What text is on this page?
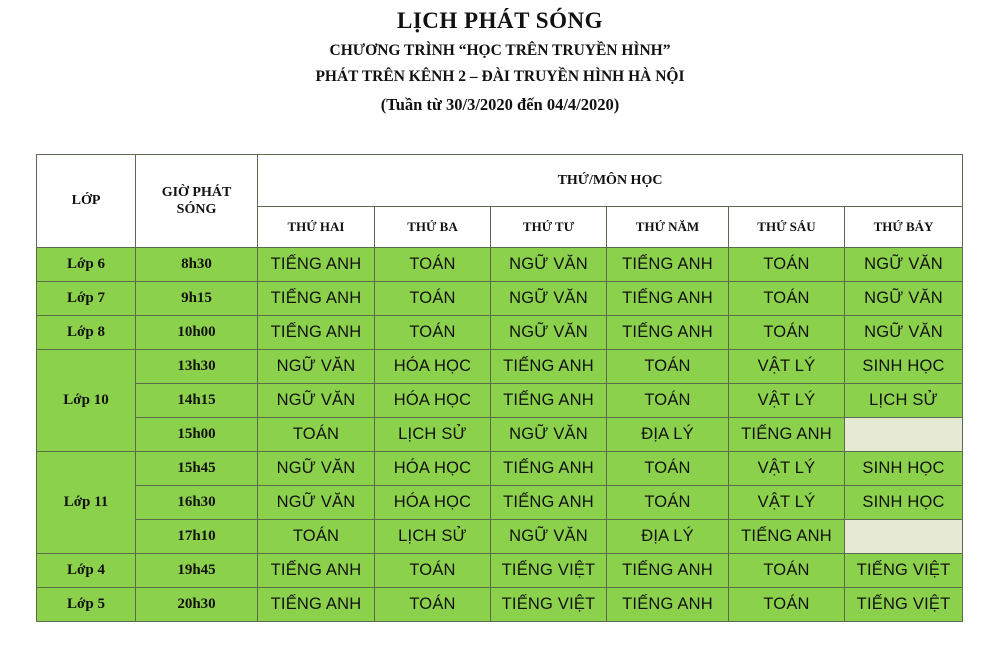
LỊCH PHÁT SÓNG
CHƯƠNG TRÌNH “HỌC TRÊN TRUYỀN HÌNH”
PHÁT TRÊN KÊNH 2 – ĐÀI TRUYỀN HÌNH HÀ NỘI
(Tuần từ 30/3/2020 đến 04/4/2020)
LỚP	GIỜ PHÁT SÓNG	THỨ/MÔN HỌC					
		THỨ HAI	THỨ BA	THỨ TƯ	THỨ NĂM	THỨ SÁU	THỨ BẢY
Lớp 6	8h30	TIẾNG ANH	TOÁN	NGỮ VĂN	TIẾNG ANH	TOÁN	NGỮ VĂN
Lớp 7	9h15	TIẾNG ANH	TOÁN	NGỮ VĂN	TIẾNG ANH	TOÁN	NGỮ VĂN
Lớp 8	10h00	TIẾNG ANH	TOÁN	NGỮ VĂN	TIẾNG ANH	TOÁN	NGỮ VĂN
Lớp 10	13h30	NGỮ VĂN	HÓA HỌC	TIẾNG ANH	TOÁN	VẬT LÝ	SINH HỌC
	14h15	NGỮ VĂN	HÓA HỌC	TIẾNG ANH	TOÁN	VẬT LÝ	LỊCH SỬ
	15h00	TOÁN	LỊCH SỬ	NGỮ VĂN	ĐỊA LÝ	TIẾNG ANH	
Lớp 11	15h45	NGỮ VĂN	HÓA HỌC	TIẾNG ANH	TOÁN	VẬT LÝ	SINH HỌC
	16h30	NGỮ VĂN	HÓA HỌC	TIẾNG ANH	TOÁN	VẬT LÝ	SINH HỌC
	17h10	TOÁN	LỊCH SỬ	NGỮ VĂN	ĐỊA LÝ	TIẾNG ANH	
Lớp 4	19h45	TIẾNG ANH	TOÁN	TIẾNG VIỆT	TIẾNG ANH	TOÁN	TIẾNG VIỆT
Lớp 5	20h30	TIẾNG ANH	TOÁN	TIẾNG VIỆT	TIẾNG ANH	TOÁN	TIẾNG VIỆT
